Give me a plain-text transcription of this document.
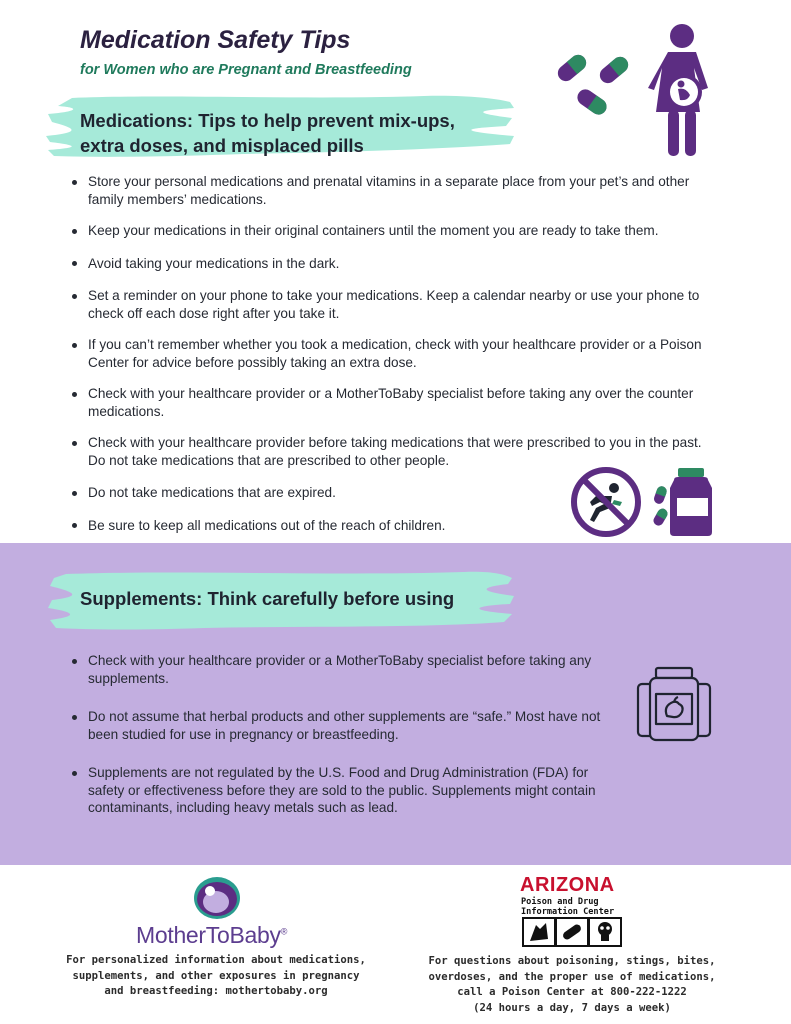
Medication Safety Tips
for Women who are Pregnant and Breastfeeding
Medications: Tips to help prevent mix-ups,
extra doses, and misplaced pills
Store your personal medications and prenatal vitamins in a separate place from your pet’s and other family members’ medications.
Keep your medications in their original containers until the moment you are ready to take them.
Avoid taking your medications in the dark.
Set a reminder on your phone to take your medications. Keep a calendar nearby or use your phone to check off each dose right after you take it.
If you can’t remember whether you took a medication, check with your healthcare provider or a Poison Center for advice before possibly taking an extra dose.
Check with your healthcare provider or a MotherToBaby specialist before taking any over the counter medications.
Check with your healthcare provider before taking medications that were prescribed to you in the past. Do not take medications that are prescribed to other people.
Do not take medications that are expired.
Be sure to keep all medications out of the reach of children.
Supplements: Think carefully before using
Check with your healthcare provider or a MotherToBaby specialist before taking any supplements.
Do not assume that herbal products and other supplements are “safe.” Most have not been studied for use in pregnancy or breastfeeding.
Supplements are not regulated by the U.S. Food and Drug Administration (FDA) for safety or effectiveness before they are sold to the public. Supplements might contain contaminants, including heavy metals such as lead.
MotherToBaby®
For personalized information about medications,
supplements, and other exposures in pregnancy
and breastfeeding: mothertobaby.org
ARIZONA
Poison and Drug
Information Center
For questions about poisoning, stings, bites,
overdoses, and the proper use of medications,
call a Poison Center at 800-222-1222
(24 hours a day, 7 days a week)
